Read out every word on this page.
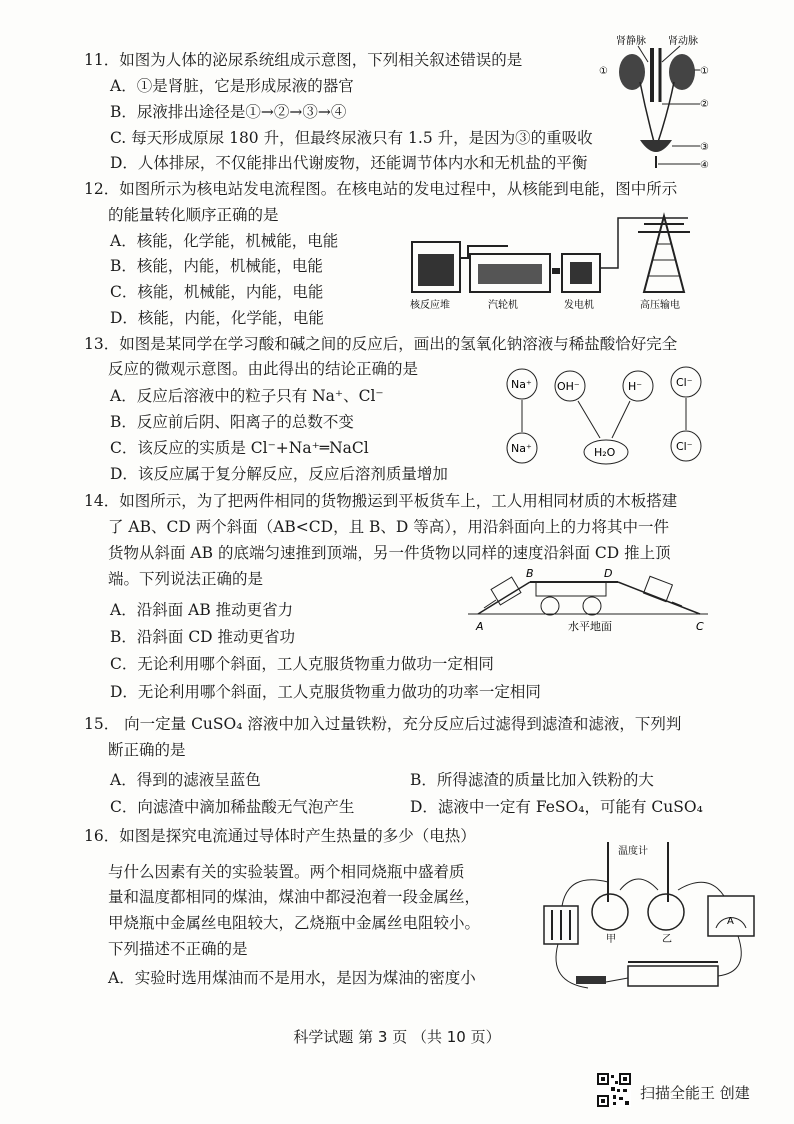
11．如图为人体的泌尿系统组成示意图，下列相关叙述错误的是
A．①是肾脏，它是形成尿液的器官
B．尿液排出途径是①→②→③→④
C. 每天形成原尿 180 升，但最终尿液只有 1.5 升，是因为③的重吸收
D．人体排尿，不仅能排出代谢废物，还能调节体内水和无机盐的平衡
肾静脉 肾动脉
①	①
②
③
④
12．如图所示为核电站发电流程图。在核电站的发电过程中，从核能到电能，图中所示
的能量转化顺序正确的是
A．核能，化学能，机械能，电能
B．核能，内能，机械能，电能
C．核能，机械能，内能，电能
D．核能，内能，化学能，电能
核反应堆	汽轮机	发电机	高压输电
13．如图是某同学在学习酸和碱之间的反应后，画出的氢氧化钠溶液与稀盐酸恰好完全
反应的微观示意图。由此得出的结论正确的是
A．反应后溶液中的粒子只有 Na⁺、Cl⁻
B．反应前后阴、阳离子的总数不变
C．该反应的实质是 Cl⁻+Na⁺═NaCl
D．该反应属于复分解反应，反应后溶剂质量增加
Na⁺ OH⁻	H⁻	Cl⁻
Na⁺	H₂O	Cl⁻
14．如图所示，为了把两件相同的货物搬运到平板货车上，工人用相同材质的木板搭建
了 AB、CD 两个斜面（AB<CD，且 B、D 等高），用沿斜面向上的力将其中一件
货物从斜面 AB 的底端匀速推到顶端，另一件货物以同样的速度沿斜面 CD 推上顶
端。下列说法正确的是
A．沿斜面 AB 推动更省力
B．沿斜面 CD 推动更省功
C．无论利用哪个斜面，工人克服货物重力做功一定相同
D．无论利用哪个斜面，工人克服货物重力做功的功率一定相同
A
B	D
C
水平地面
15． 向一定量 CuSO₄ 溶液中加入过量铁粉，充分反应后过滤得到滤渣和滤液，下列判
断正确的是
A．得到的滤液呈蓝色	B．所得滤渣的质量比加入铁粉的大
C．向滤渣中滴加稀盐酸无气泡产生	D．滤液中一定有 FeSO₄，可能有 CuSO₄
16．如图是探究电流通过导体时产生热量的多少（电热）
与什么因素有关的实验装置。两个相同烧瓶中盛着质
量和温度都相同的煤油，煤油中都浸泡着一段金属丝，
甲烧瓶中金属丝电阻较大，乙烧瓶中金属丝电阻较小。
下列描述不正确的是
A．实验时选用煤油而不是用水，是因为煤油的密度小
温度计
甲	乙
A
科学试题 第 3 页 （共 10 页）
扫描全能王 创建
